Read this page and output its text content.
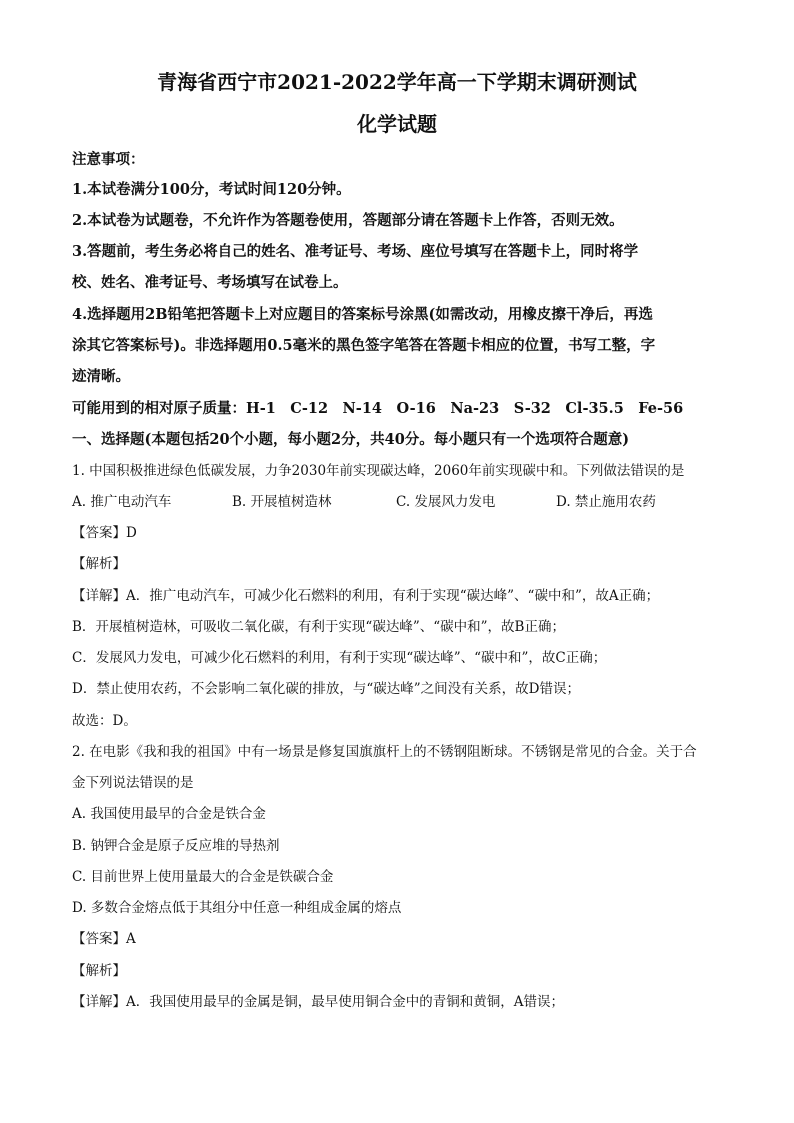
青海省西宁市2021-2022学年高一下学期末调研测试
化学试题
注意事项：
1.本试卷满分100分，考试时间120分钟。
2.本试卷为试题卷，不允许作为答题卷使用，答题部分请在答题卡上作答，否则无效。
3.答题前，考生务必将自己的姓名、准考证号、考场、座位号填写在答题卡上，同时将学
校、姓名、准考证号、考场填写在试卷上。
4.选择题用2B铅笔把答题卡上对应题目的答案标号涂黑(如需改动，用橡皮擦干净后，再选
涂其它答案标号)。非选择题用0.5毫米的黑色签字笔答在答题卡相应的位置，书写工整，字
迹清晰。
可能用到的相对原子质量：H-1　C-12　N-14　O-16　Na-23　S-32　Cl-35.5　Fe-56
一、选择题(本题包括20个小题，每小题2分，共40分。每小题只有一个选项符合题意)
1. 中国积极推进绿色低碳发展，力争2030年前实现碳达峰，2060年前实现碳中和。下列做法错误的是
A. 推广电动汽车	B. 开展植树造林	C. 发展风力发电	D. 禁止施用农药
【答案】D
【解析】
【详解】A．推广电动汽车，可减少化石燃料的利用，有利于实现“碳达峰”、“碳中和”，故A正确；
B．开展植树造林，可吸收二氧化碳，有利于实现“碳达峰”、“碳中和”，故B正确；
C．发展风力发电，可减少化石燃料的利用，有利于实现“碳达峰”、“碳中和”，故C正确；
D．禁止使用农药，不会影响二氧化碳的排放，与“碳达峰”之间没有关系，故D错误；
故选：D。
2. 在电影《我和我的祖国》中有一场景是修复国旗旗杆上的不锈钢阻断球。不锈钢是常见的合金。关于合
金下列说法错误的是
A. 我国使用最早的合金是铁合金
B. 钠钾合金是原子反应堆的导热剂
C. 目前世界上使用量最大的合金是铁碳合金
D. 多数合金熔点低于其组分中任意一种组成金属的熔点
【答案】A
【解析】
【详解】A．我国使用最早的金属是铜，最早使用铜合金中的青铜和黄铜，A错误；
